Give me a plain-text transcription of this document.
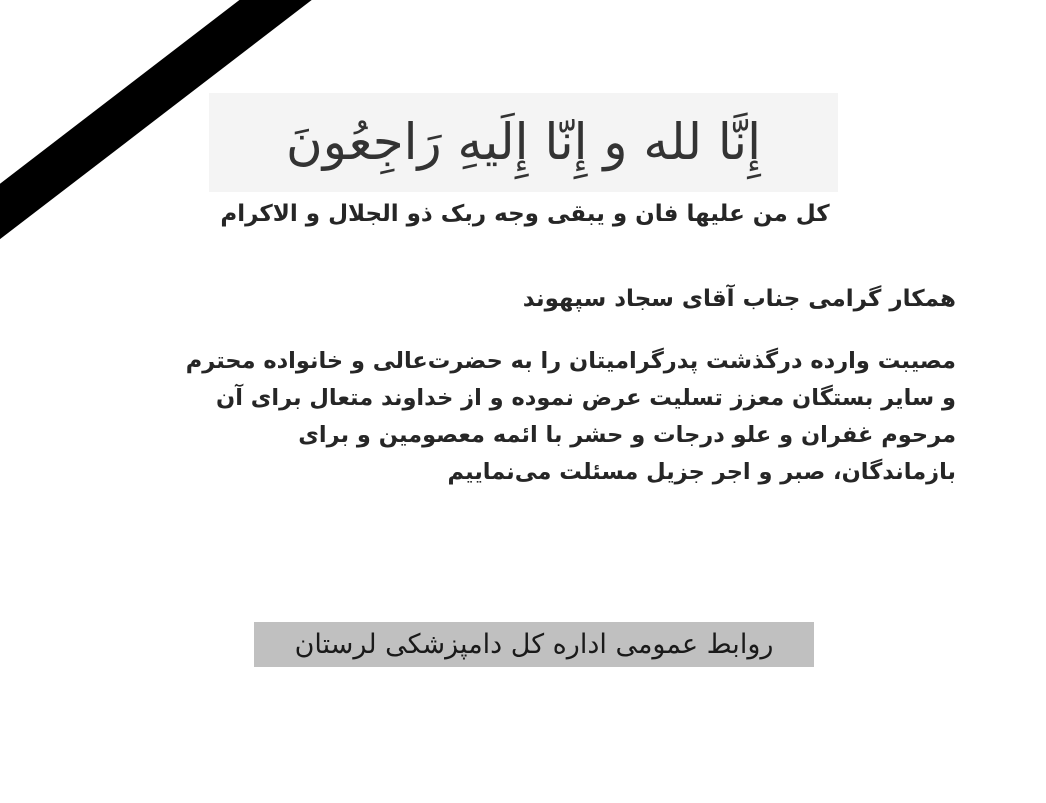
إِنَّا لله و إِنّا إِلَیهِ رَاجِعُونَ
كل من علیها فان و یبقی وجه ربک ذو الجلال و الاکرام
همکار گرامی جناب آقای سجاد سپهوند
مصیبت وارده درگذشت پدرگرامیتان را به حضرت‌عالی و خانواده محترم
و سایر بستگان معزز تسلیت عرض نموده و از خداوند متعال برای آن
مرحوم غفران و علو درجات و حشر با ائمه معصومین و برای
بازماندگان، صبر و اجر جزیل مسئلت می‌نماییم
روابط عمومی اداره کل دامپزشکی لرستان
